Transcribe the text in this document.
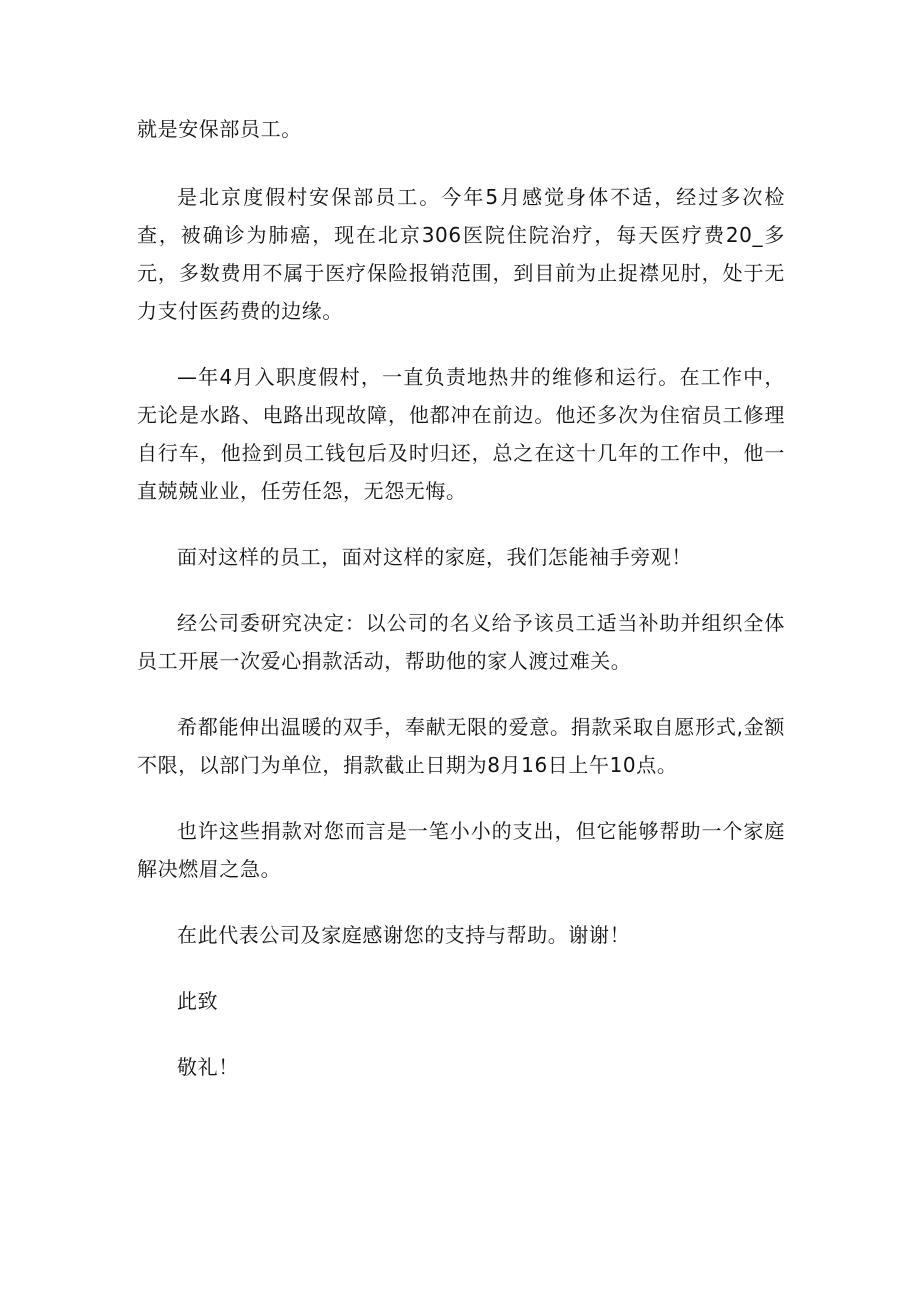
就是安保部员工。

是北京度假村安保部员工。今年5月感觉身体不适，经过多次检查，被确诊为肺癌，现在北京306医院住院治疗，每天医疗费20_多元，多数费用不属于医疗保险报销范围，到目前为止捉襟见肘，处于无力支付医药费的边缘。

—年4月入职度假村，一直负责地热井的维修和运行。在工作中，无论是水路、电路出现故障，他都冲在前边。他还多次为住宿员工修理自行车，他捡到员工钱包后及时归还，总之在这十几年的工作中，他一直兢兢业业，任劳任怨，无怨无悔。

面对这样的员工，面对这样的家庭，我们怎能袖手旁观！

经公司委研究决定：以公司的名义给予该员工适当补助并组织全体员工开展一次爱心捐款活动，帮助他的家人渡过难关。

希都能伸出温暖的双手，奉献无限的爱意。捐款采取自愿形式,金额不限，以部门为单位，捐款截止日期为8月16日上午10点。

也许这些捐款对您而言是一笔小小的支出，但它能够帮助一个家庭解决燃眉之急。

在此代表公司及家庭感谢您的支持与帮助。谢谢！

此致

敬礼！
